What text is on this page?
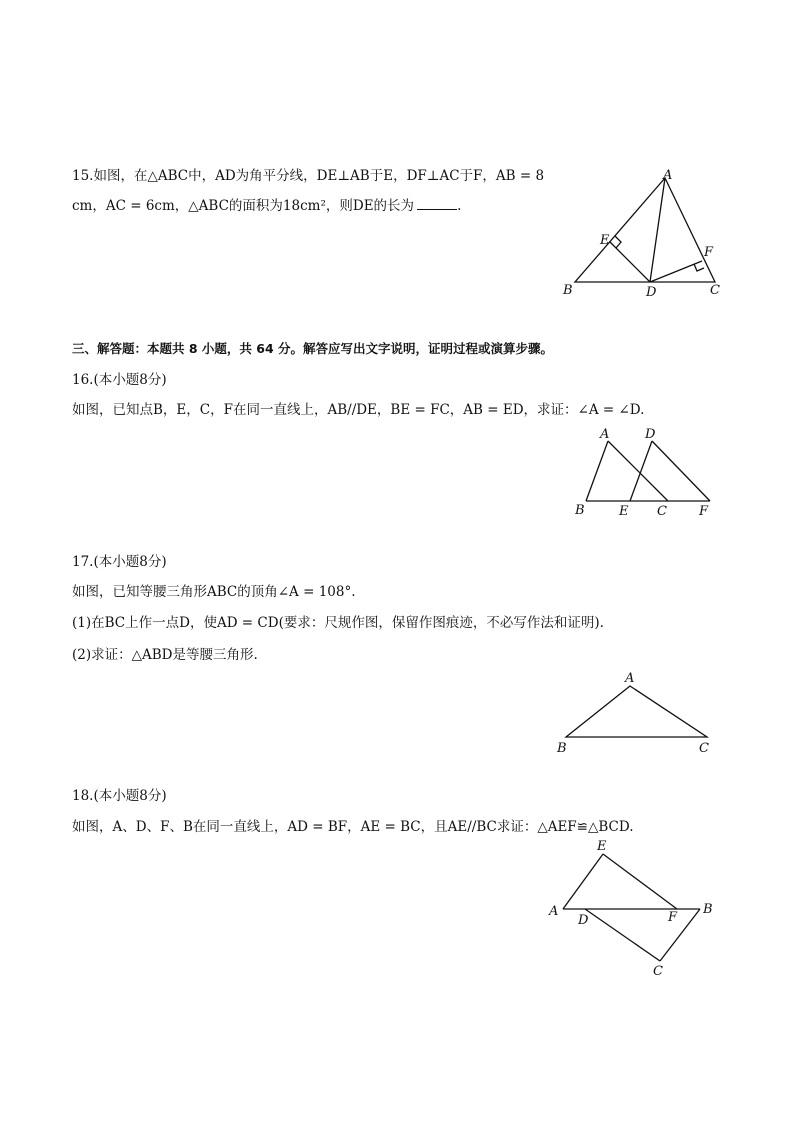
15.如图，在△ABC中，AD为角平分线，DE⊥AB于E，DF⊥AC于F，AB = 8
cm，AC = 6cm，△ABC的面积为18cm²，则DE的长为	.
A
E
F
B	D	C
三、解答题：本题共 8 小题，共 64 分。解答应写出文字说明，证明过程或演算步骤。
16.(本小题8分)
如图，已知点B，E，C，F在同一直线上，AB//DE，BE = FC，AB = ED，求证：∠A = ∠D.
A	D
B	E C F
17.(本小题8分)
如图，已知等腰三角形ABC的顶角∠A = 108°.
(1)在BC上作一点D，使AD = CD(要求：尺规作图，保留作图痕迹，不必写作法和证明).
(2)求证：△ABD是等腰三角形.
A
B	C
18.(本小题8分)
如图，A、D、F、B在同一直线上，AD = BF，AE = BC，且AE//BC求证：△AEF≌△BCD.
E
A
D	F
B
C
